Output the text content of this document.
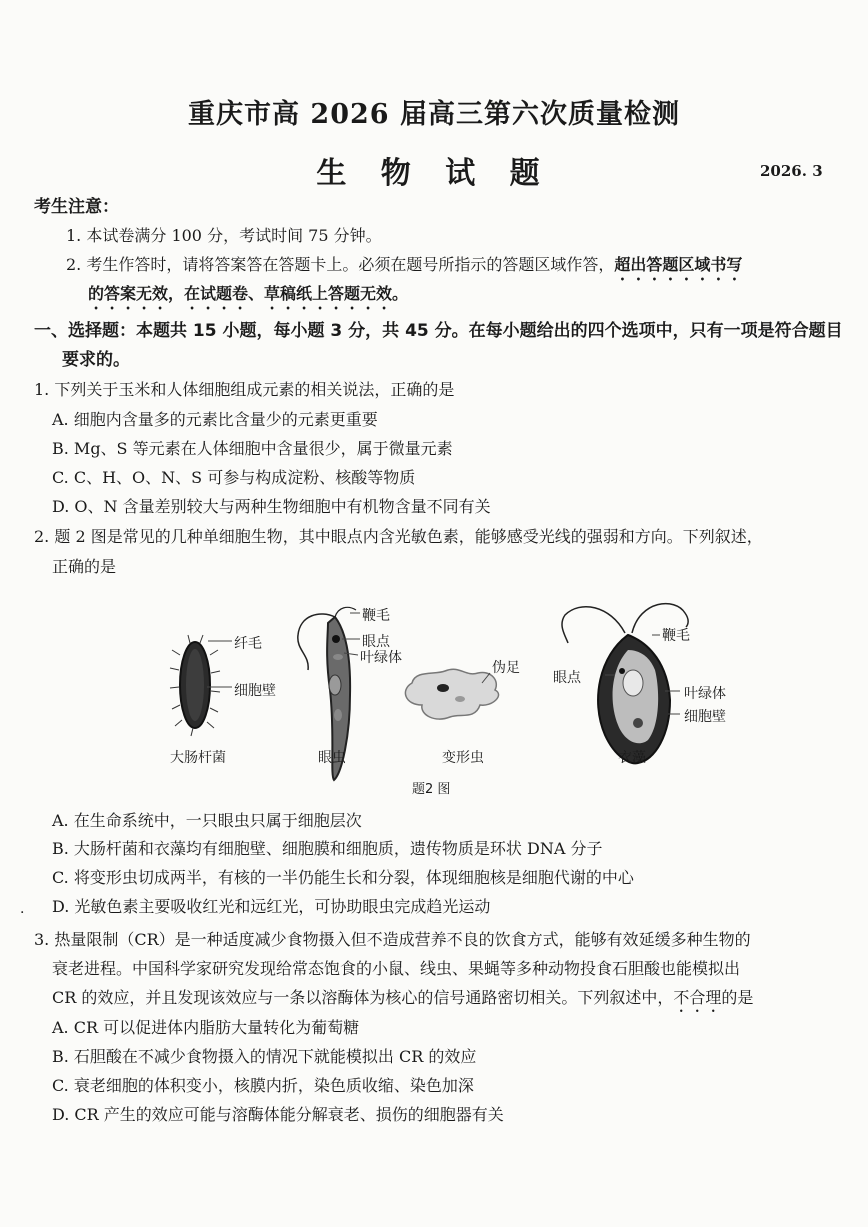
重庆市高 2026 届高三第六次质量检测
生 物 试 题	2026. 3
考生注意：
1. 本试卷满分 100 分，考试时间 75 分钟。
2. 考生作答时，请将答案答在答题卡上。必须在题号所指示的答题区域作答，超出答题区域书写
的答案无效，在试题卷、草稿纸上答题无效。
一、选择题：本题共 15 小题，每小题 3 分，共 45 分。在每小题给出的四个选项中，只有一项是符合题目
要求的。
1. 下列关于玉米和人体细胞组成元素的相关说法，正确的是
A. 细胞内含量多的元素比含量少的元素更重要
B. Mg、S 等元素在人体细胞中含量很少，属于微量元素
C. C、H、O、N、S 可参与构成淀粉、核酸等物质
D. O、N 含量差别较大与两种生物细胞中有机物含量不同有关
2. 题 2 图是常见的几种单细胞生物，其中眼点内含光敏色素，能够感受光线的强弱和方向。下列叙述，
正确的是
纤毛
细胞壁
鞭毛
眼点
叶绿体
伪足
鞭毛
眼点
叶绿体
细胞壁
大肠杆菌	眼虫	变形虫	衣藻
题2 图
A. 在生命系统中，一只眼虫只属于细胞层次
B. 大肠杆菌和衣藻均有细胞壁、细胞膜和细胞质，遗传物质是环状 DNA 分子
C. 将变形虫切成两半，有核的一半仍能生长和分裂，体现细胞核是细胞代谢的中心
D. 光敏色素主要吸收红光和远红光，可协助眼虫完成趋光运动
·
3. 热量限制（CR）是一种适度减少食物摄入但不造成营养不良的饮食方式，能够有效延缓多种生物的
衰老进程。中国科学家研究发现给常态饱食的小鼠、线虫、果蝇等多种动物投食石胆酸也能模拟出
CR 的效应，并且发现该效应与一条以溶酶体为核心的信号通路密切相关。下列叙述中，不合理的是
A. CR 可以促进体内脂肪大量转化为葡萄糖
B. 石胆酸在不减少食物摄入的情况下就能模拟出 CR 的效应
C. 衰老细胞的体积变小，核膜内折，染色质收缩、染色加深
D. CR 产生的效应可能与溶酶体能分解衰老、损伤的细胞器有关
